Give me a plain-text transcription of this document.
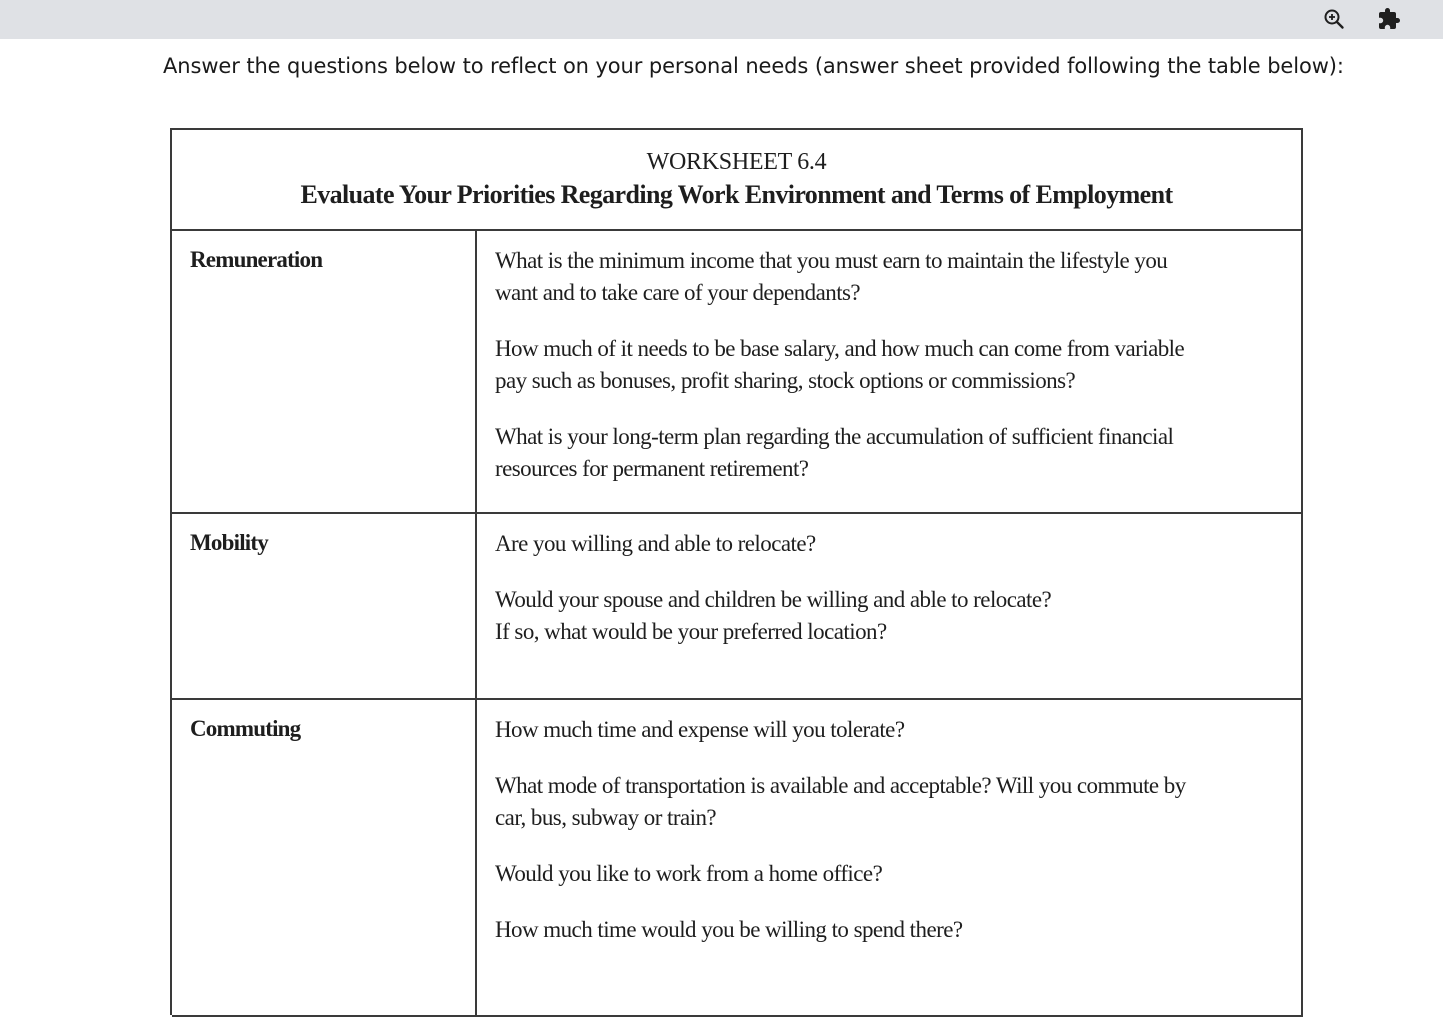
Answer the questions below to reflect on your personal needs (answer sheet provided following the table below):
WORKSHEET 6.4
Evaluate Your Priorities Regarding Work Environment and Terms of Employment
Remuneration	What is the minimum income that you must earn to maintain the lifestyle you
want and to take care of your dependants?

How much of it needs to be base salary, and how much can come from variable
pay such as bonuses, profit sharing, stock options or commissions?

What is your long-term plan regarding the accumulation of sufficient financial
resources for permanent retirement?

Mobility	Are you willing and able to relocate?

Would your spouse and children be willing and able to relocate?
If so, what would be your preferred location?

Commuting	How much time and expense will you tolerate?

What mode of transportation is available and acceptable? Will you commute by
car, bus, subway or train?

Would you like to work from a home office?

How much time would you be willing to spend there?
